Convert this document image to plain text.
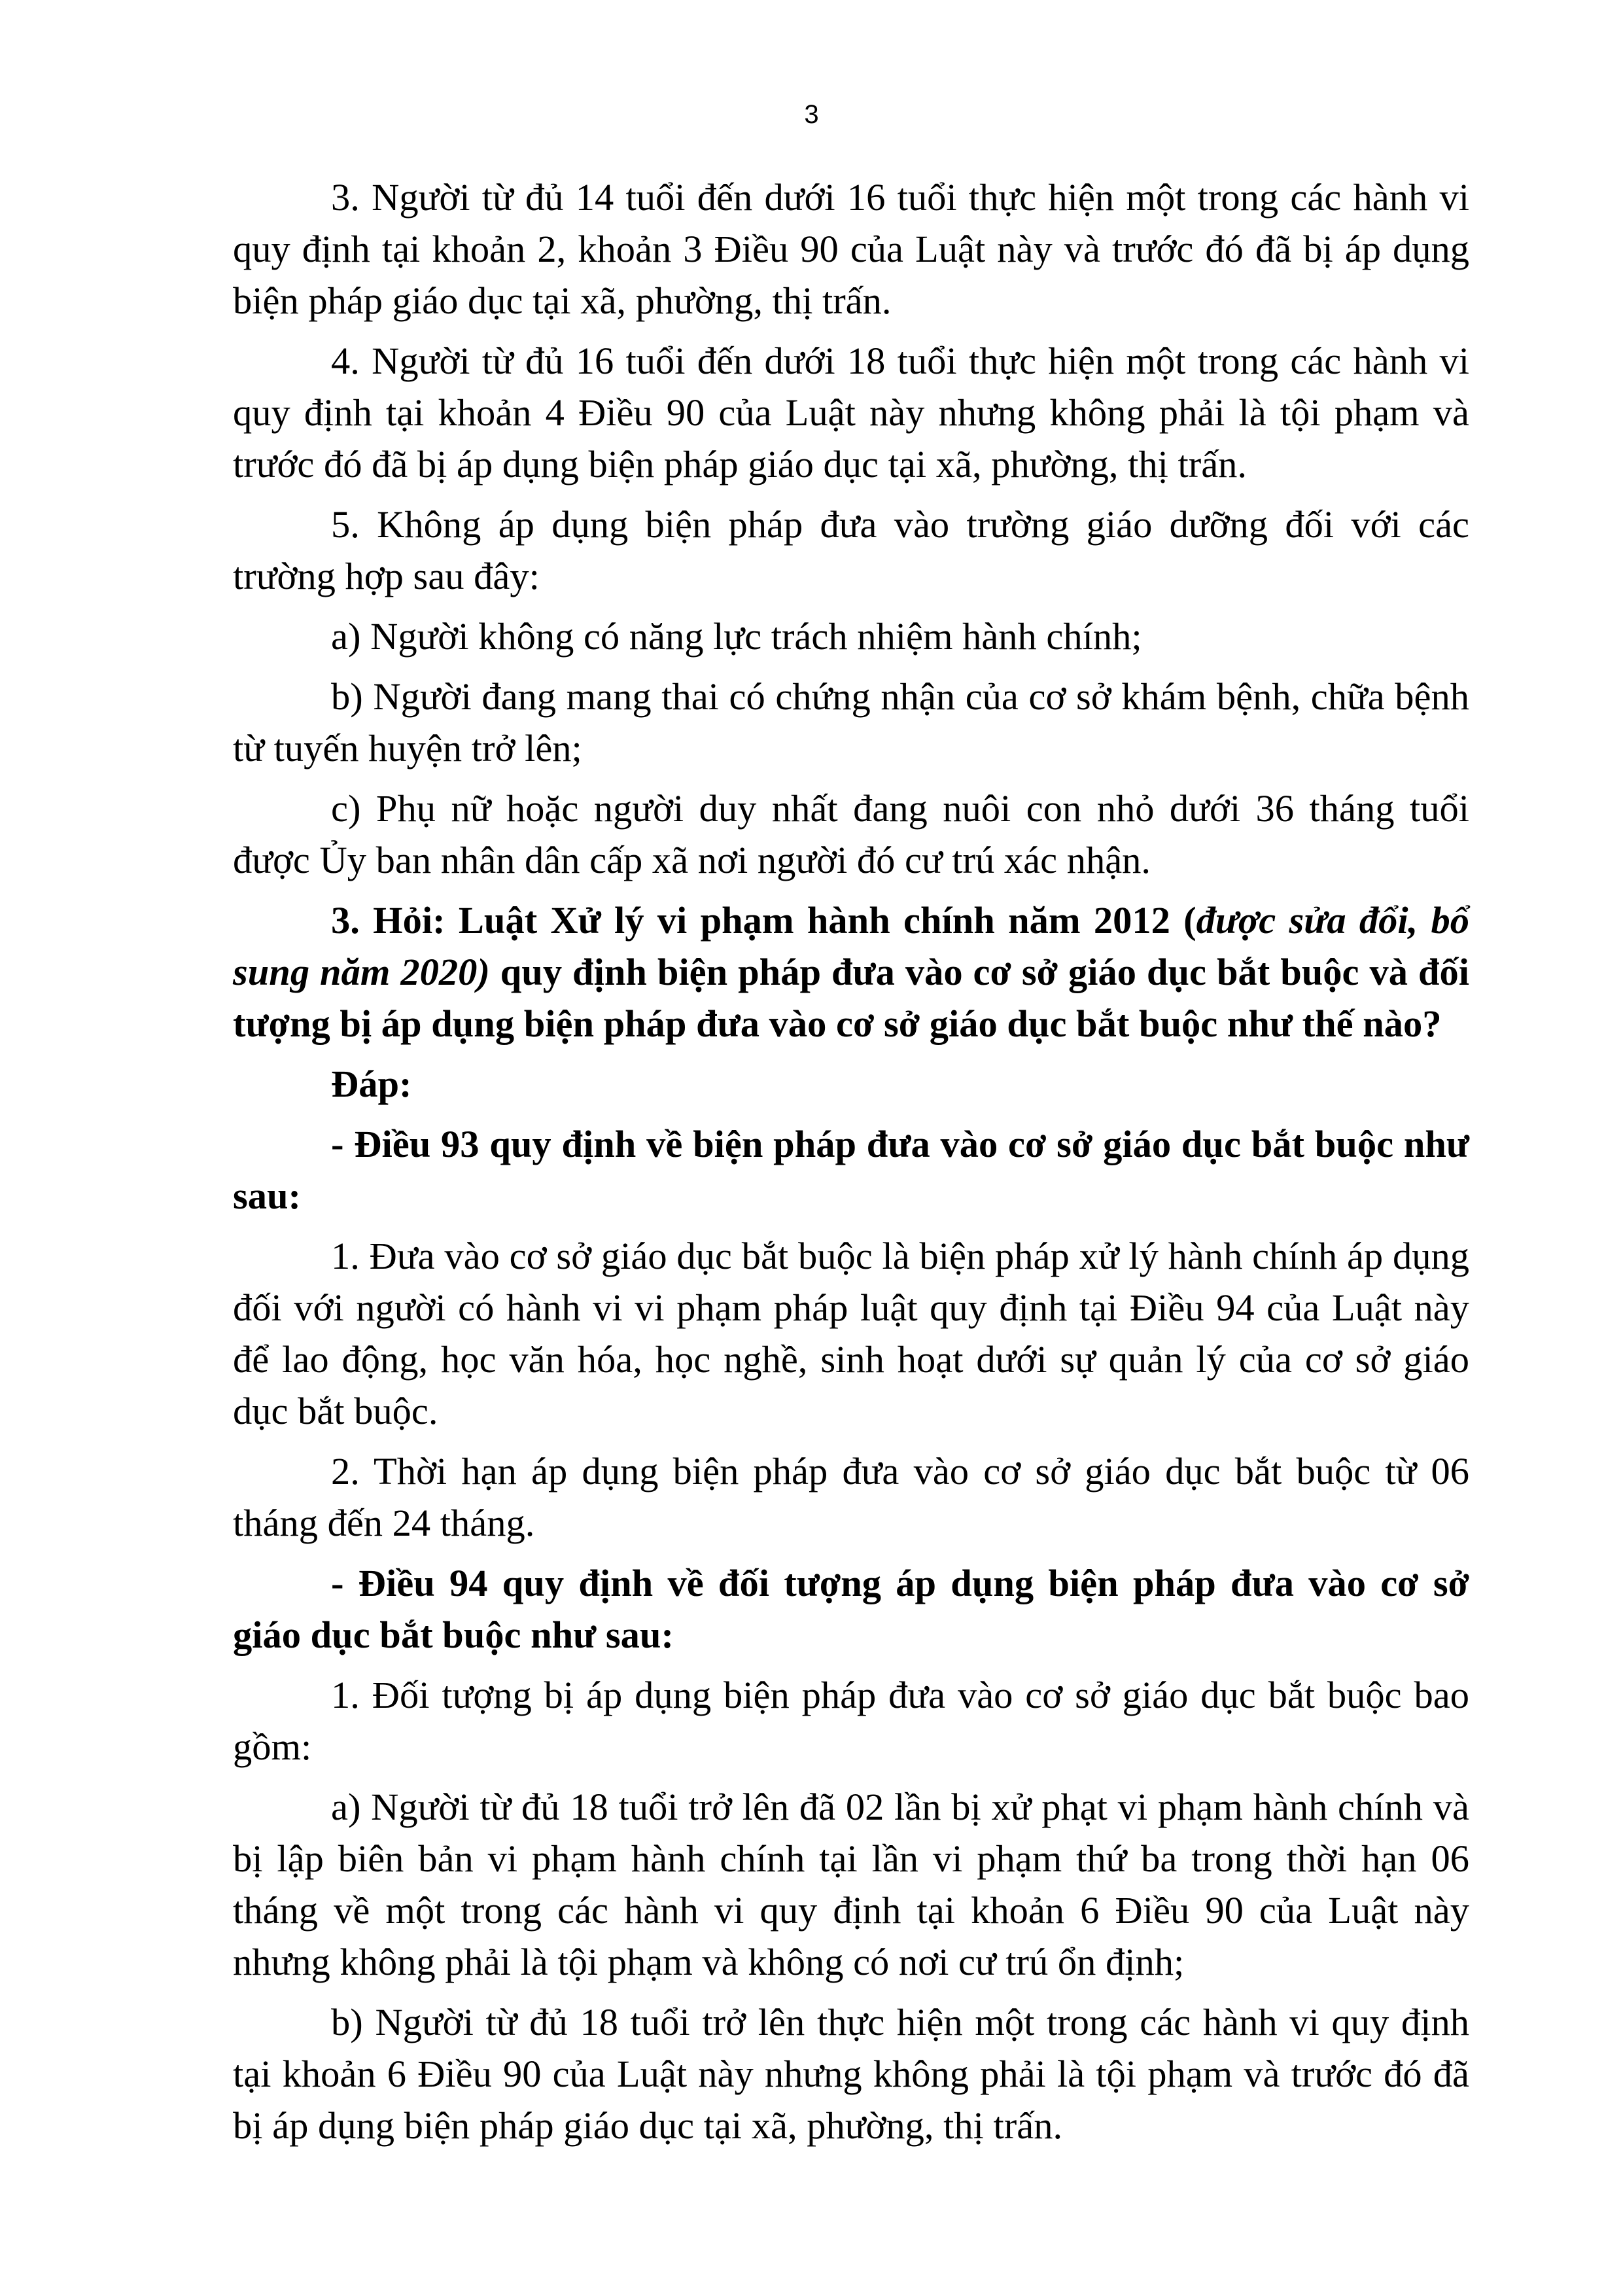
3

3. Người từ đủ 14 tuổi đến dưới 16 tuổi thực hiện một trong các hành vi quy định tại khoản 2, khoản 3 Điều 90 của Luật này và trước đó đã bị áp dụng biện pháp giáo dục tại xã, phường, thị trấn.

4. Người từ đủ 16 tuổi đến dưới 18 tuổi thực hiện một trong các hành vi quy định tại khoản 4 Điều 90 của Luật này nhưng không phải là tội phạm và trước đó đã bị áp dụng biện pháp giáo dục tại xã, phường, thị trấn.

5. Không áp dụng biện pháp đưa vào trường giáo dưỡng đối với các trường hợp sau đây:

a) Người không có năng lực trách nhiệm hành chính;

b) Người đang mang thai có chứng nhận của cơ sở khám bệnh, chữa bệnh từ tuyến huyện trở lên;

c) Phụ nữ hoặc người duy nhất đang nuôi con nhỏ dưới 36 tháng tuổi được Ủy ban nhân dân cấp xã nơi người đó cư trú xác nhận.

3. Hỏi: Luật Xử lý vi phạm hành chính năm 2012 (được sửa đổi, bổ sung năm 2020) quy định biện pháp đưa vào cơ sở giáo dục bắt buộc và đối tượng bị áp dụng biện pháp đưa vào cơ sở giáo dục bắt buộc như thế nào?

Đáp:

- Điều 93 quy định về biện pháp đưa vào cơ sở giáo dục bắt buộc như sau:

1. Đưa vào cơ sở giáo dục bắt buộc là biện pháp xử lý hành chính áp dụng đối với người có hành vi vi phạm pháp luật quy định tại Điều 94 của Luật này để lao động, học văn hóa, học nghề, sinh hoạt dưới sự quản lý của cơ sở giáo dục bắt buộc.

2. Thời hạn áp dụng biện pháp đưa vào cơ sở giáo dục bắt buộc từ 06 tháng đến 24 tháng.

- Điều 94 quy định về đối tượng áp dụng biện pháp đưa vào cơ sở giáo dục bắt buộc như sau:

1. Đối tượng bị áp dụng biện pháp đưa vào cơ sở giáo dục bắt buộc bao gồm:

a) Người từ đủ 18 tuổi trở lên đã 02 lần bị xử phạt vi phạm hành chính và bị lập biên bản vi phạm hành chính tại lần vi phạm thứ ba trong thời hạn 06 tháng về một trong các hành vi quy định tại khoản 6 Điều 90 của Luật này nhưng không phải là tội phạm và không có nơi cư trú ổn định;

b) Người từ đủ 18 tuổi trở lên thực hiện một trong các hành vi quy định tại khoản 6 Điều 90 của Luật này nhưng không phải là tội phạm và trước đó đã bị áp dụng biện pháp giáo dục tại xã, phường, thị trấn.
